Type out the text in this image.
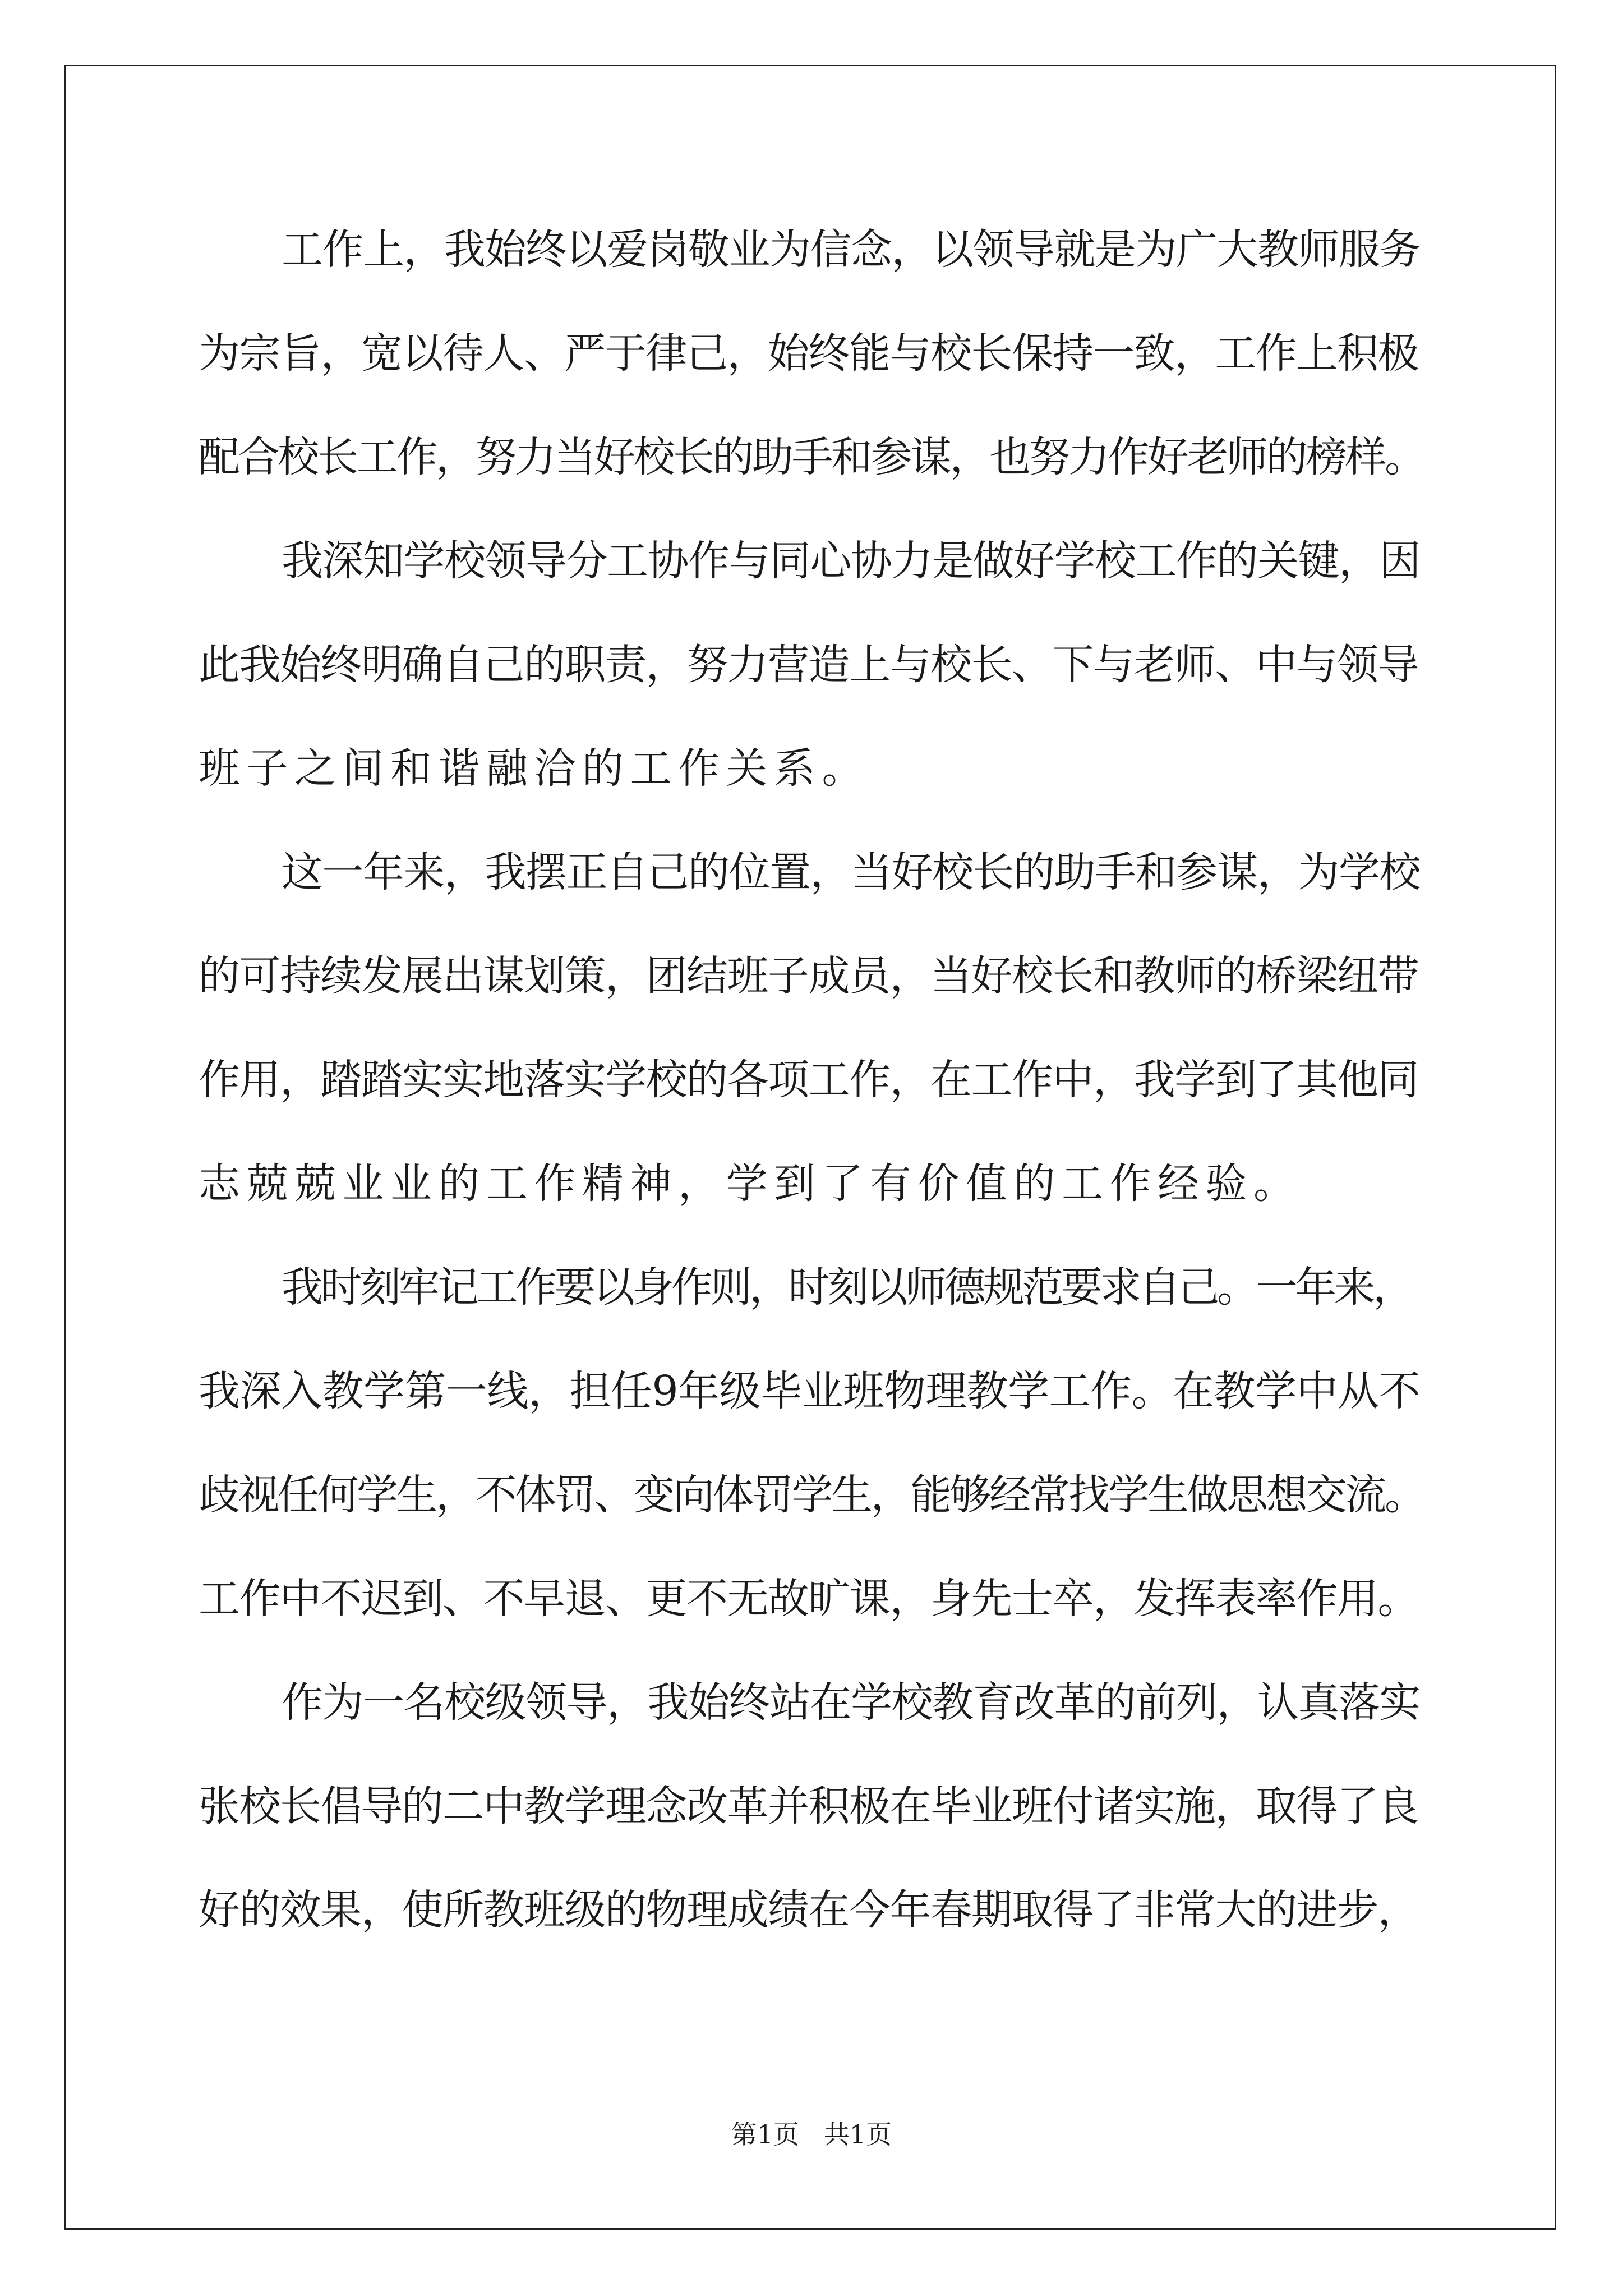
工作上，我始终以爱岗敬业为信念，以领导就是为广大教师服务
为宗旨，宽以待人、严于律己，始终能与校长保持一致，工作上积极
配合校长工作，努力当好校长的助手和参谋，也努力作好老师的榜样。
我深知学校领导分工协作与同心协力是做好学校工作的关键，因
此我始终明确自己的职责，努力营造上与校长、下与老师、中与领导
班子之间和谐融洽的工作关系。
这一年来，我摆正自己的位置，当好校长的助手和参谋，为学校
的可持续发展出谋划策，团结班子成员，当好校长和教师的桥梁纽带
作用，踏踏实实地落实学校的各项工作，在工作中，我学到了其他同
志兢兢业业的工作精神，学到了有价值的工作经验。
我时刻牢记工作要以身作则，时刻以师德规范要求自己。一年来，
我深入教学第一线，担任9年级毕业班物理教学工作。在教学中从不
歧视任何学生，不体罚、变向体罚学生，能够经常找学生做思想交流。
工作中不迟到、不早退、更不无故旷课，身先士卒，发挥表率作用。
作为一名校级领导，我始终站在学校教育改革的前列，认真落实
张校长倡导的二中教学理念改革并积极在毕业班付诸实施，取得了良
好的效果，使所教班级的物理成绩在今年春期取得了非常大的进步，
第1页   共1页
